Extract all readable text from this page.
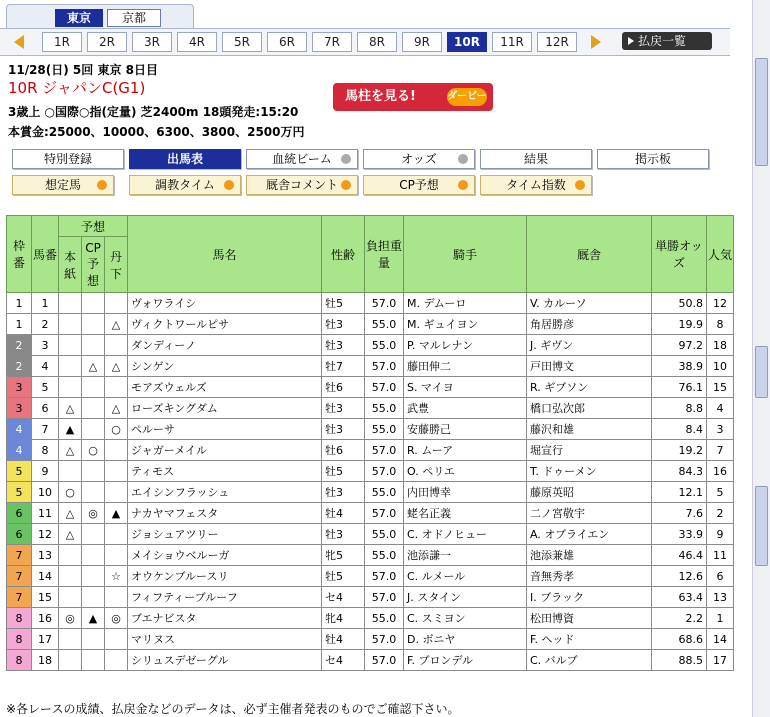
東京	京都
払戻一覧
1R	2R	3R	4R	5R	6R	7R	8R	9R	10R	11R	12R
11/28(日) 5回 東京 8日目
10R ジャパンC(G1)
3歳上 ○国際○指(定量) 芝2400m 18頭発走:15:20
本賞金:25000、10000、6300、3800、2500万円
馬柱を見る!	ダービー
特別登録	出馬表	血統ビーム	オッズ	結果	掲示板
想定馬	調教タイム	厩舎コメント	CP予想	タイム指数
枠番	馬番	予想			馬名	性齢	負担重量	騎手	厩舎	単勝オッズ	人気
		本紙	CP予想	丹下							
1	1				ヴォワライシ	牡5	57.0	M. デムーロ	V. カルーソ	50.8	12
1	2			△	ヴィクトワールピサ	牡3	55.0	M. ギュイヨン	角居勝彦	19.9	8
2	3				ダンディーノ	牡3	55.0	P. マルレナン	J. ギヴン	97.2	18
2	4		△	△	シンゲン	牡7	57.0	藤田伸二	戸田博文	38.9	10
3	5				モアズウェルズ	牡6	57.0	S. マイヨ	R. ギブソン	76.1	15
3	6	△		△	ローズキングダム	牡3	55.0	武豊	橋口弘次郎	8.8	4
4	7	▲		○	ペルーサ	牡3	55.0	安藤勝己	藤沢和雄	8.4	3
4	8	△	○		ジャガーメイル	牡6	57.0	R. ムーア	堀宣行	19.2	7
5	9				ティモス	牡5	57.0	O. ペリエ	T. ドゥーメン	84.3	16
5	10	○			エイシンフラッシュ	牡3	55.0	内田博幸	藤原英昭	12.1	5
6	11	△	◎	▲	ナカヤマフェスタ	牡4	57.0	蛯名正義	二ノ宮敬宇	7.6	2
6	12	△			ジョシュアツリー	牡3	55.0	C. オドノヒュー	A. オブライエン	33.9	9
7	13				メイショウベルーガ	牝5	55.0	池添謙一	池添兼雄	46.4	11
7	14			☆	オウケンブルースリ	牡5	57.0	C. ルメール	音無秀孝	12.6	6
7	15				フィフティーブルーフ	セ4	57.0	J. スタイン	I. ブラック	63.4	13
8	16	◎	▲	◎	ブエナビスタ	牝4	55.0	C. スミヨン	松田博資	2.2	1
8	17				マリヌス	牡4	57.0	D. ボニヤ	F. ヘッド	68.6	14
8	18				シリュスデゼーグル	セ4	57.0	F. ブロンデル	C. バルブ	88.5	17
※各レースの成績、払戻金などのデータは、必ず主催者発表のものでご確認下さい。
